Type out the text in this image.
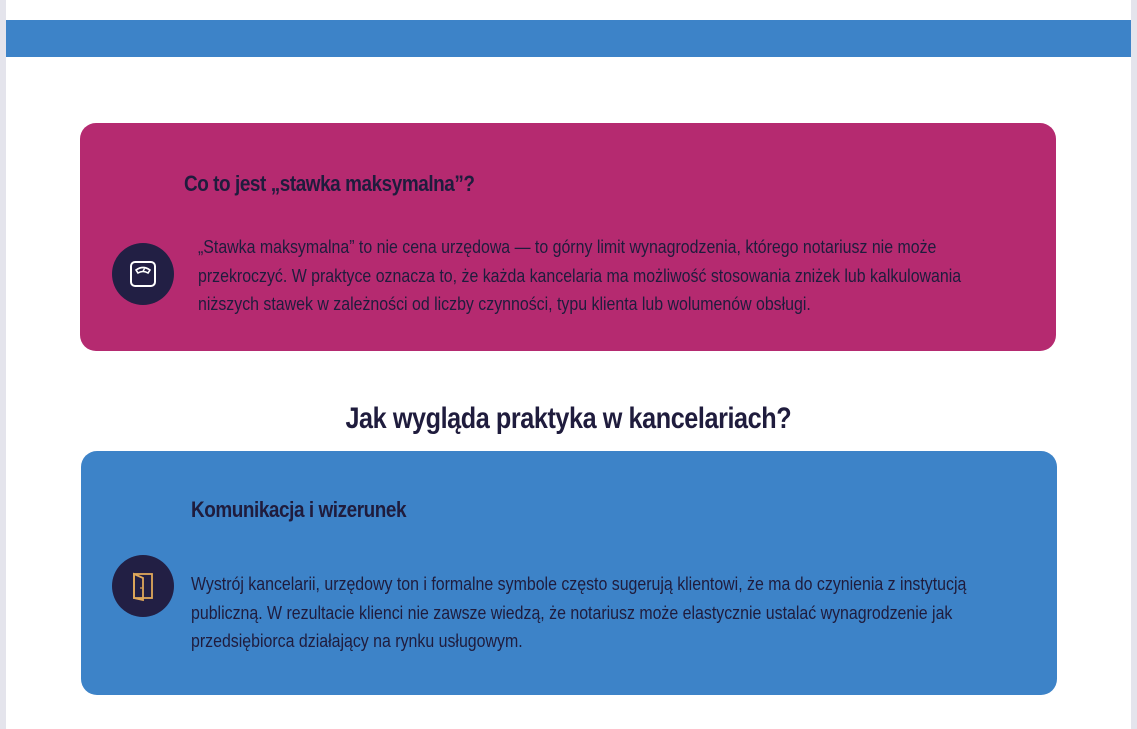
Co to jest „stawka maksymalna”?
„Stawka maksymalna” to nie cena urzędowa — to górny limit wynagrodzenia, którego notariusz nie może przekroczyć. W praktyce oznacza to, że każda kancelaria ma możliwość stosowania zniżek lub kalkulowania niższych stawek w zależności od liczby czynności, typu klienta lub wolumenów obsługi.
Jak wygląda praktyka w kancelariach?
Komunikacja i wizerunek
Wystrój kancelarii, urzędowy ton i formalne symbole często sugerują klientowi, że ma do czynienia z instytucją publiczną. W rezultacie klienci nie zawsze wiedzą, że notariusz może elastycznie ustalać wynagrodzenie jak przedsiębiorca działający na rynku usługowym.
